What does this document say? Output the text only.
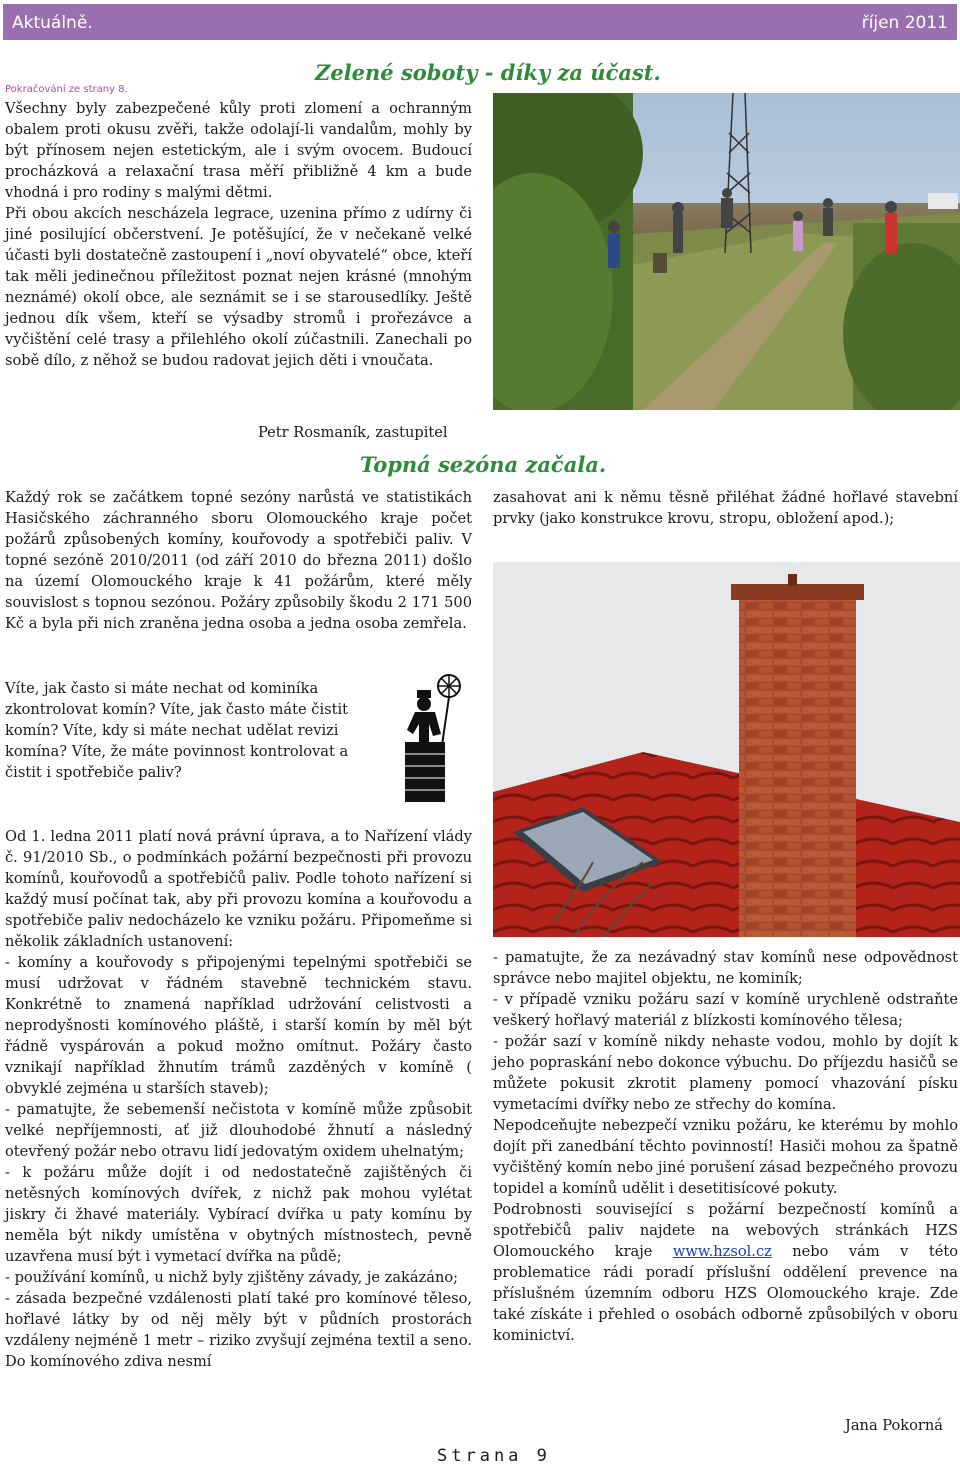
Aktuálně.	říjen 2011
Zelené soboty - díky za účast.
Pokračování ze strany 8.

Všechny byly zabezpečené kůly proti zlomení a ochranným obalem proti okusu zvěři, takže odolají-li vandalům, mohly by být přínosem nejen estetickým, ale i svým ovocem. Budoucí procházková a relaxační trasa měří přibližně 4 km a bude vhodná i pro rodiny s malými dětmi.

Při obou akcích nescházela legrace, uzenina přímo z udírny či jiné posilující občerstvení. Je potěšující, že v nečekaně velké účasti byli dostatečně zastoupení i „noví obyvatelé“ obce, kteří tak měli jedinečnou příležitost poznat nejen krásné (mnohým neznámé) okolí obce, ale seznámit se i se starousedlíky. Ještě jednou dík všem, kteří se výsadby stromů i prořezávce a vyčištění celé trasy a přilehlého okolí zúčastnili. Zanechali po sobě dílo, z něhož se budou radovat jejich děti i vnoučata.

Petr Rosmaník, zastupitel
Topná sezóna začala.
Každý rok se začátkem topné sezóny narůstá ve statistikách Hasičského záchranného sboru Olomouckého kraje počet požárů způsobených komíny, kouřovody a spotřebiči paliv. V topné sezóně 2010/2011 (od září 2010 do března 2011) došlo na území Olomouckého kraje k 41 požárům, které měly souvislost s topnou sezónou. Požáry způsobily škodu 2 171 500 Kč a byla při nich zraněna jedna osoba a jedna osoba zemřela.
zasahovat ani k němu těsně přiléhat žádné hořlavé stavební prvky (jako konstrukce krovu, stropu, obložení apod.);
Víte, jak často si máte nechat od kominíka zkontrolovat komín? Víte, jak často máte čistit komín? Víte, kdy si máte nechat udělat revizi komína? Víte, že máte povinnost kontrolovat a čistit i spotřebiče paliv?

Od 1. ledna 2011 platí nová právní úprava, a to Nařízení vlády č. 91/2010 Sb., o podmínkách požární bezpečnosti při provozu komínů, kouřovodů a spotřebičů paliv. Podle tohoto nařízení si každý musí počínat tak, aby při provozu komína a kouřovodu a spotřebiče paliv nedocházelo ke vzniku požáru. Připomeňme si několik základních ustanovení:

- komíny a kouřovody s připojenými tepelnými spotřebiči se musí udržovat v řádném stavebně technickém stavu. Konkrétně to znamená například udržování celistvosti a neprodyšnosti komínového pláště, i starší komín by měl být řádně vyspárován a pokud možno omítnut. Požáry často vznikají například žhnutím trámů zazděných v komíně ( obvyklé zejména u starších staveb);

- pamatujte, že sebemenší nečistota v komíně může způsobit velké nepříjemnosti, ať již dlouhodobé žhnutí a následný otevřený požár nebo otravu lidí jedovatým oxidem uhelnatým;

- k požáru může dojít i od nedostatečně zajištěných či netěsných komínových dvířek, z nichž pak mohou vylétat jiskry či žhavé materiály. Vybírací dvířka u paty komínu by neměla být nikdy umístěna v obytných místnostech, pevně uzavřena musí být i vymetací dvířka na půdě;

- používání komínů, u nichž byly zjištěny závady, je zakázáno;

- zásada bezpečné vzdálenosti platí také pro komínové těleso, hořlavé látky by od něj měly být v půdních prostorách vzdáleny nejméně 1 metr – riziko zvyšují zejména textil a seno. Do komínového zdiva nesmí

- pamatujte, že za nezávadný stav komínů nese odpovědnost správce nebo majitel objektu, ne kominík;

- v případě vzniku požáru sazí v komíně urychleně odstraňte veškerý hořlavý materiál z blízkosti komínového tělesa;

- požár sazí v komíně nikdy nehaste vodou, mohlo by dojít k jeho popraskání nebo dokonce výbuchu. Do příjezdu hasičů se můžete pokusit zkrotit plameny pomocí vhazování písku vymetacími dvířky nebo ze střechy do komína.

Nepodceňujte nebezpečí vzniku požáru, ke kterému by mohlo dojít při zanedbání těchto povinností! Hasiči mohou za špatně vyčištěný komín nebo jiné porušení zásad bezpečného provozu topidel a komínů udělit i desetitisícové pokuty.

Podrobnosti související s požární bezpečností komínů a spotřebičů paliv najdete na webových stránkách HZS Olomouckého kraje www.hzsol.cz nebo vám v této problematice rádi poradí příslušní oddělení prevence na příslušném územním odboru HZS Olomouckého kraje. Zde také získáte i přehled o osobách odborně způsobilých v oboru kominictví.

Jana Pokorná
Strana 9
